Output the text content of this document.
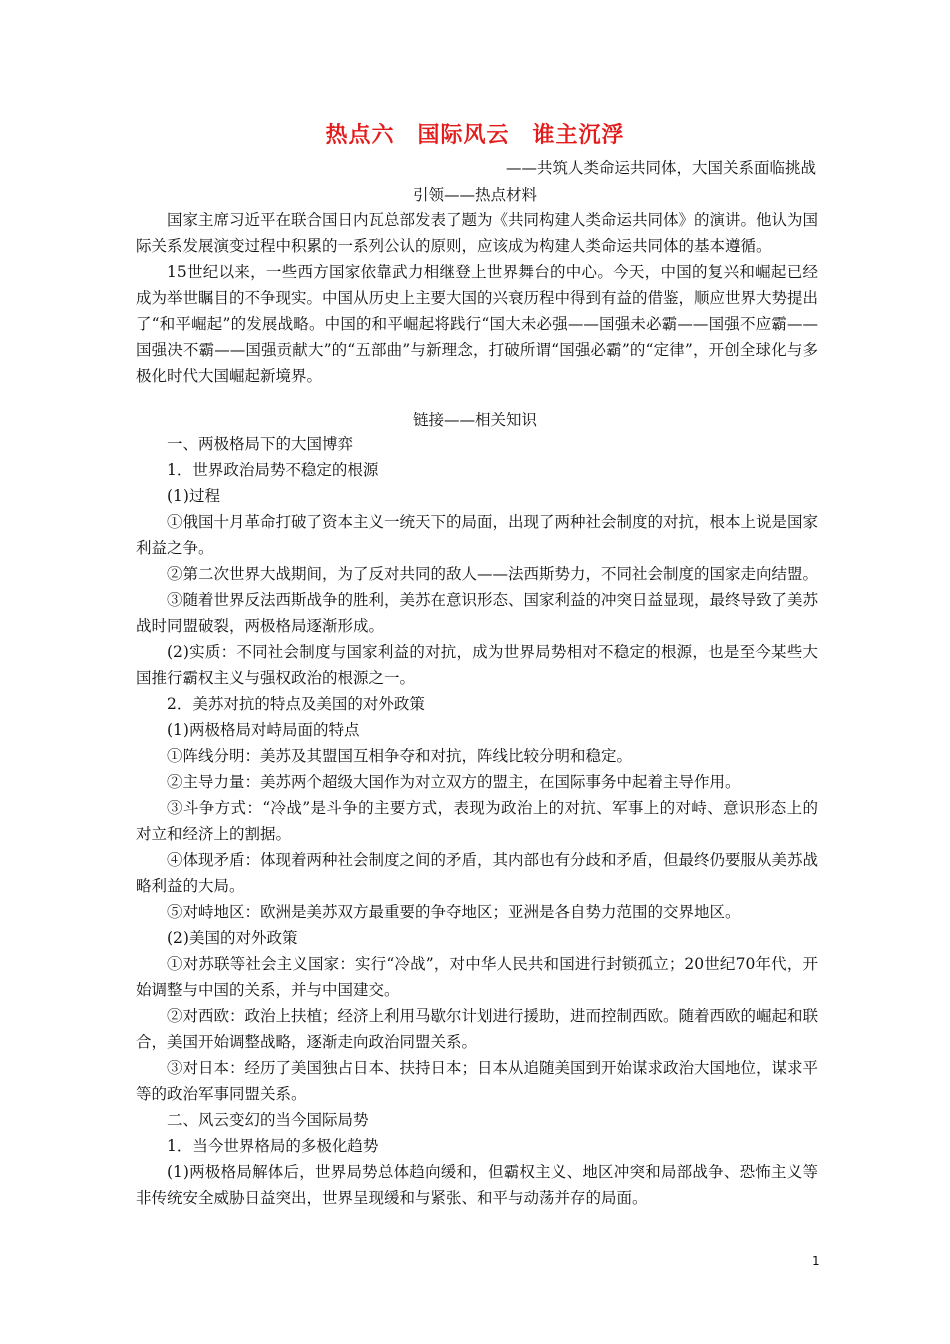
热点六　国际风云　谁主沉浮
——共筑人类命运共同体，大国关系面临挑战
引领——热点材料

国家主席习近平在联合国日内瓦总部发表了题为《共同构建人类命运共同体》的演讲。他认为国际关系发展演变过程中积累的一系列公认的原则，应该成为构建人类命运共同体的基本遵循。

15世纪以来，一些西方国家依靠武力相继登上世界舞台的中心。今天，中国的复兴和崛起已经成为举世瞩目的不争现实。中国从历史上主要大国的兴衰历程中得到有益的借鉴，顺应世界大势提出了“和平崛起”的发展战略。中国的和平崛起将践行“国大未必强——国强未必霸——国强不应霸——国强决不霸——国强贡献大”的“五部曲”与新理念，打破所谓“国强必霸”的“定律”，开创全球化与多极化时代大国崛起新境界。

链接——相关知识

一、两极格局下的大国博弈

1．世界政治局势不稳定的根源

(1)过程

①俄国十月革命打破了资本主义一统天下的局面，出现了两种社会制度的对抗，根本上说是国家利益之争。

②第二次世界大战期间，为了反对共同的敌人——法西斯势力，不同社会制度的国家走向结盟。

③随着世界反法西斯战争的胜利，美苏在意识形态、国家利益的冲突日益显现，最终导致了美苏战时同盟破裂，两极格局逐渐形成。

(2)实质：不同社会制度与国家利益的对抗，成为世界局势相对不稳定的根源，也是至今某些大国推行霸权主义与强权政治的根源之一。

2．美苏对抗的特点及美国的对外政策

(1)两极格局对峙局面的特点

①阵线分明：美苏及其盟国互相争夺和对抗，阵线比较分明和稳定。

②主导力量：美苏两个超级大国作为对立双方的盟主，在国际事务中起着主导作用。

③斗争方式：“冷战”是斗争的主要方式，表现为政治上的对抗、军事上的对峙、意识形态上的对立和经济上的割据。

④体现矛盾：体现着两种社会制度之间的矛盾，其内部也有分歧和矛盾，但最终仍要服从美苏战略利益的大局。

⑤对峙地区：欧洲是美苏双方最重要的争夺地区；亚洲是各自势力范围的交界地区。

(2)美国的对外政策

①对苏联等社会主义国家：实行“冷战”，对中华人民共和国进行封锁孤立；20世纪70年代，开始调整与中国的关系，并与中国建交。

②对西欧：政治上扶植；经济上利用马歇尔计划进行援助，进而控制西欧。随着西欧的崛起和联合，美国开始调整战略，逐渐走向政治同盟关系。

③对日本：经历了美国独占日本、扶持日本；日本从追随美国到开始谋求政治大国地位，谋求平等的政治军事同盟关系。

二、风云变幻的当今国际局势

1．当今世界格局的多极化趋势

(1)两极格局解体后，世界局势总体趋向缓和，但霸权主义、地区冲突和局部战争、恐怖主义等非传统安全威胁日益突出，世界呈现缓和与紧张、和平与动荡并存的局面。

1
